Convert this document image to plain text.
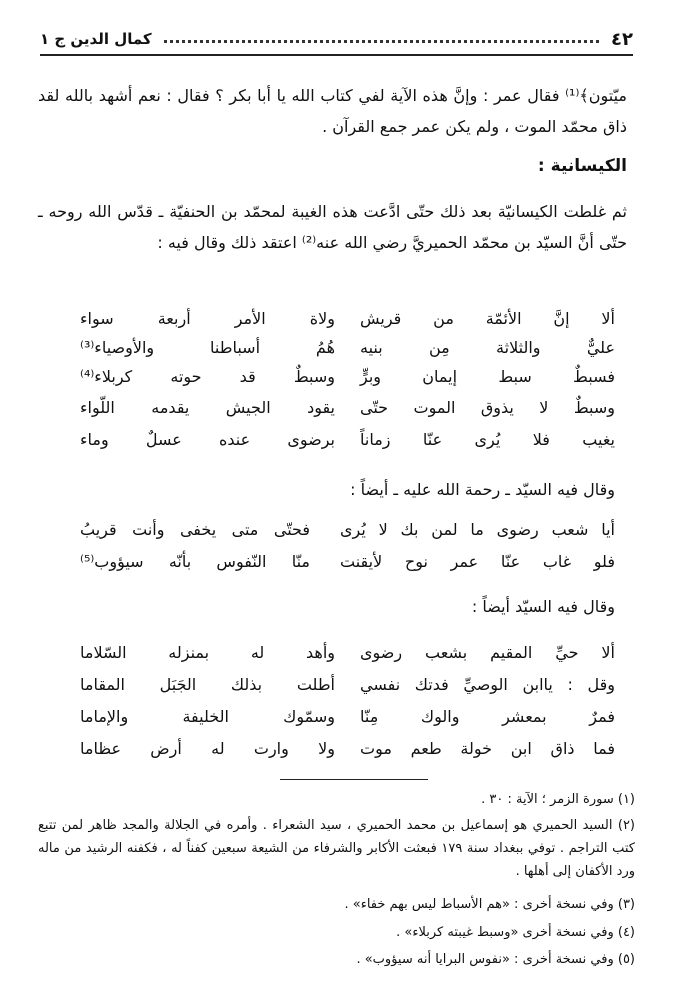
٤٢
كمال الدين ج ١
ميّتون﴾⁽¹⁾ فقال عمر : وإنَّ هذه الآية لفي كتاب الله يا أبا بكر ؟ فقال : نعم أشهد بالله لقد ذاق محمّد الموت ، ولم يكن عمر جمع القرآن .
الكيسانية :
ثم غلطت الكيسانيّة بعد ذلك حتّى ادَّعت هذه الغيبة لمحمّد بن الحنفيّة ـ قدّس الله روحه ـ حتّى أنَّ السيّد بن محمّد الحميريَّ رضي الله عنه⁽²⁾ اعتقد ذلك وقال فيه :
ألا إنَّ الأئمّة من قريش
ولاة الأمر أربعة سواء
عليٌّ والثلاثة مِن بنيه
هُمُ أسباطنا والأوصياء⁽³⁾
فسبطٌ سبط إيمان وبرٍّ
وسبطٌ قد حوته كربلاء⁽⁴⁾
وسبطٌ لا يذوق الموت حتّى
يقود الجيش يقدمه اللّواء
يغيب فلا يُرى عنّا زماناً
برضوى عنده عسلٌ وماء
وقال فيه السيّد ـ رحمة الله عليه ـ أيضاً :
أيا شعب رضوى ما لمن بك لا يُرى
فحتّى متى يخفى وأنت قريبُ
فلو غاب عنّا عمر نوح لأيقنت
منّا النّفوس بأنّه سيؤوب⁽⁵⁾
وقال فيه السيّد أيضاً :
ألا حيِّ المقيم بشعب رضوى
وأهد له بمنزله السّلاما
وقل : ياابن الوصيِّ فدتك نفسي
أطلت بذلك الجَبَل المقاما
فمرٌ بمعشر والوك مِنّا
وسمّوك الخليفة والإماما
فما ذاق ابن خولة طعم موت
ولا وارت له أرض عظاما
(١) سورة الزمر ؛ الآية : ٣٠ .
(٢) السيد الحميري هو إسماعيل بن محمد الحميري ، سيد الشعراء . وأمره في الجلالة والمجد ظاهر لمن تتبع كتب التراجم . توفي ببغداد سنة ١٧٩ فبعثت الأكابر والشرفاء من الشيعة سبعين كفناً له ، فكفنه الرشيد من ماله ورد الأكفان إلى أهلها .
(٣) وفي نسخة أخرى : «هم الأسباط ليس بهم خفاء» .
(٤) وفي نسخة أخرى «وسبط غيبته كربلاء» .
(٥) وفي نسخة أخرى : «نفوس البرايا أنه سيؤوب» .
